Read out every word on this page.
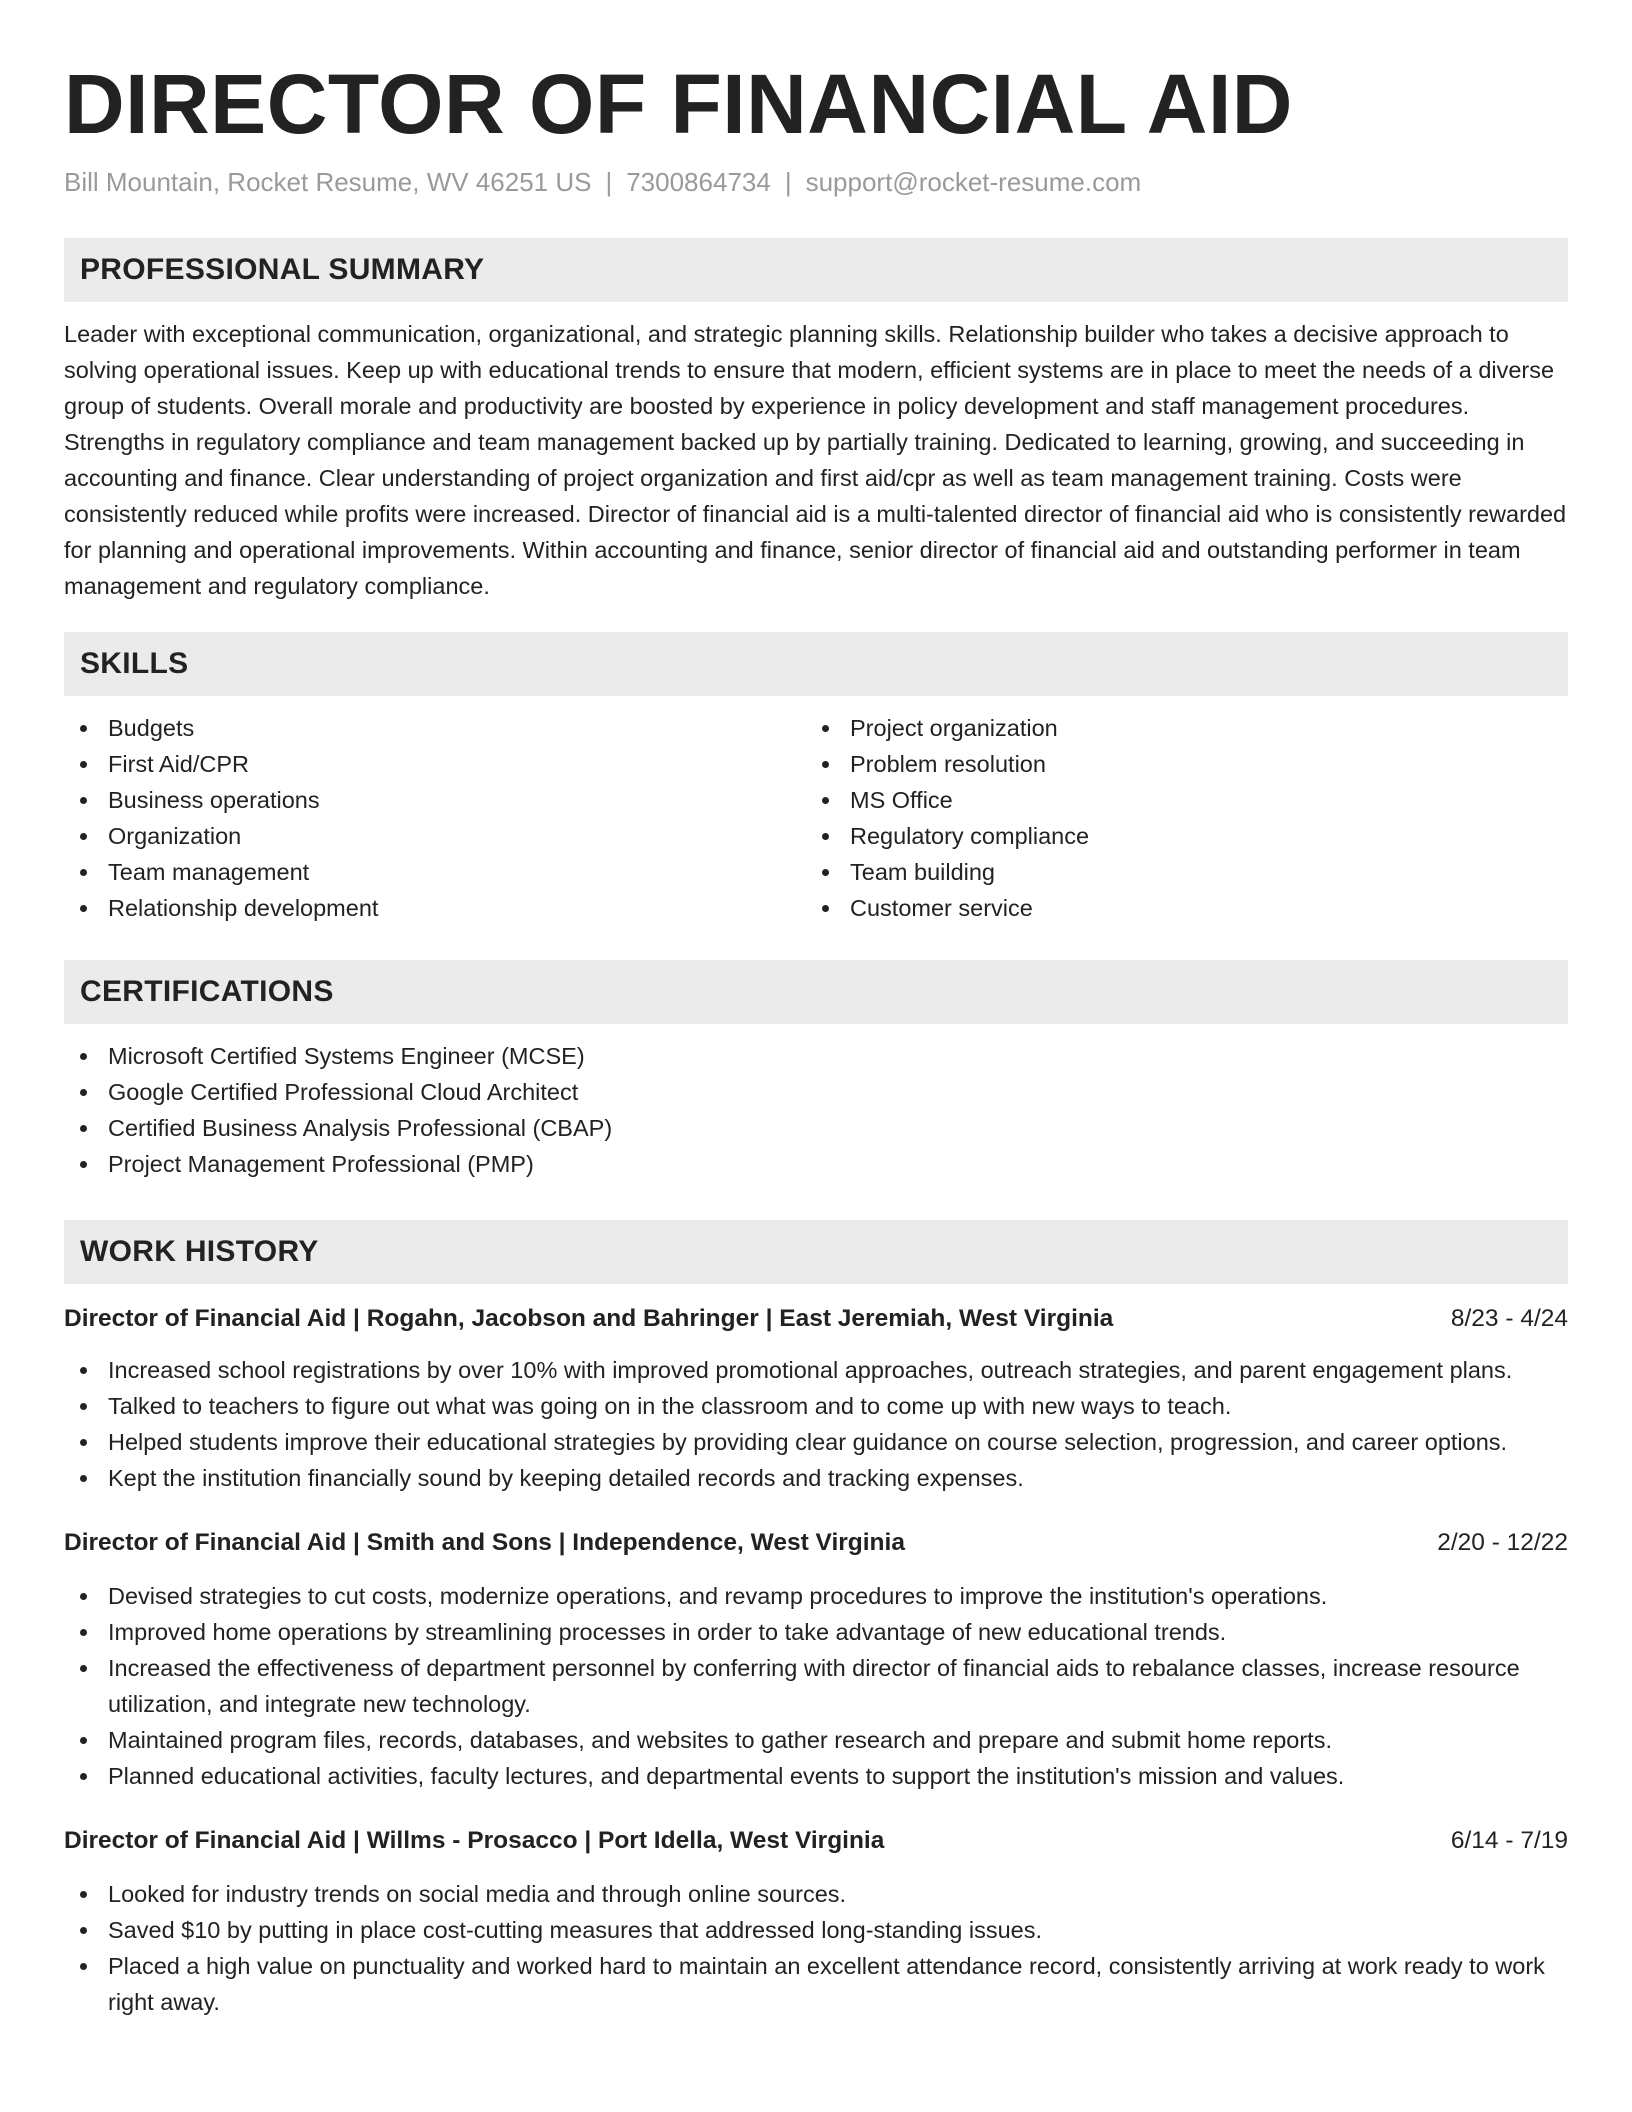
DIRECTOR OF FINANCIAL AID
Bill Mountain, Rocket Resume, WV 46251 US | 7300864734 | support@rocket-resume.com
PROFESSIONAL SUMMARY

Leader with exceptional communication, organizational, and strategic planning skills. Relationship builder who takes a decisive approach to solving operational issues. Keep up with educational trends to ensure that modern, efficient systems are in place to meet the needs of a diverse group of students. Overall morale and productivity are boosted by experience in policy development and staff management procedures. Strengths in regulatory compliance and team management backed up by partially training. Dedicated to learning, growing, and succeeding in accounting and finance. Clear understanding of project organization and first aid/cpr as well as team management training. Costs were consistently reduced while profits were increased. Director of financial aid is a multi-talented director of financial aid who is consistently rewarded for planning and operational improvements. Within accounting and finance, senior director of financial aid and outstanding performer in team management and regulatory compliance.

SKILLS
Budgets
First Aid/CPR
Business operations
Organization
Team management
Relationship development
Project organization
Problem resolution
MS Office
Regulatory compliance
Team building
Customer service
CERTIFICATIONS
Microsoft Certified Systems Engineer (MCSE)
Google Certified Professional Cloud Architect
Certified Business Analysis Professional (CBAP)
Project Management Professional (PMP)
WORK HISTORY
Director of Financial Aid | Rogahn, Jacobson and Bahringer | East Jeremiah, West Virginia	8/23 - 4/24
Increased school registrations by over 10% with improved promotional approaches, outreach strategies, and parent engagement plans.
Talked to teachers to figure out what was going on in the classroom and to come up with new ways to teach.
Helped students improve their educational strategies by providing clear guidance on course selection, progression, and career options.
Kept the institution financially sound by keeping detailed records and tracking expenses.
Director of Financial Aid | Smith and Sons | Independence, West Virginia	2/20 - 12/22
Devised strategies to cut costs, modernize operations, and revamp procedures to improve the institution's operations.
Improved home operations by streamlining processes in order to take advantage of new educational trends.
Increased the effectiveness of department personnel by conferring with director of financial aids to rebalance classes, increase resource utilization, and integrate new technology.
Maintained program files, records, databases, and websites to gather research and prepare and submit home reports.
Planned educational activities, faculty lectures, and departmental events to support the institution's mission and values.
Director of Financial Aid | Willms - Prosacco | Port Idella, West Virginia	6/14 - 7/19
Looked for industry trends on social media and through online sources.
Saved $10 by putting in place cost-cutting measures that addressed long-standing issues.
Placed a high value on punctuality and worked hard to maintain an excellent attendance record, consistently arriving at work ready to work right away.
